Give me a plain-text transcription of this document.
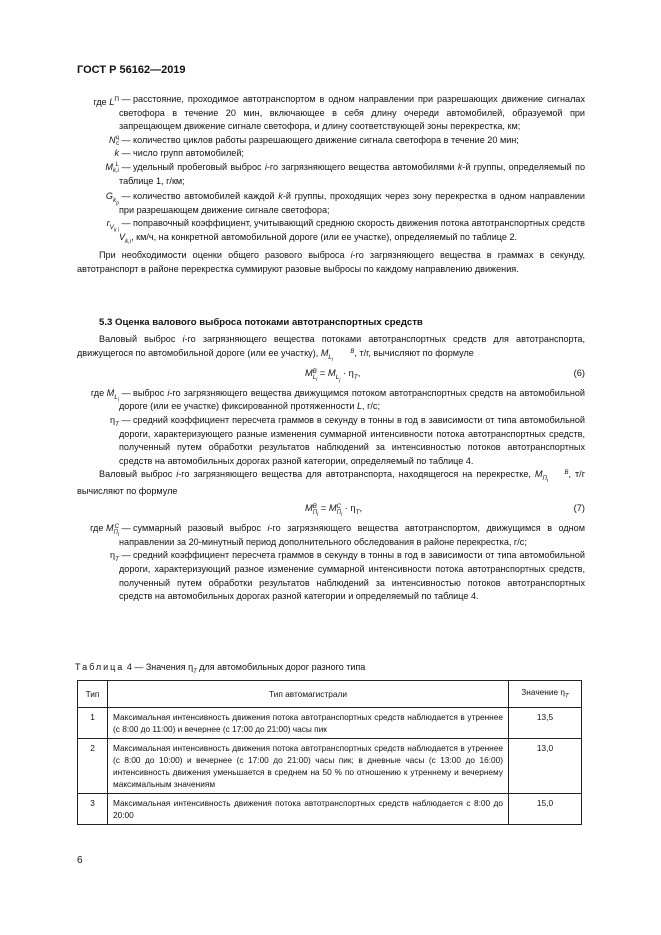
ГОСТ Р 56162—2019
где $L^П$ — расстояние, проходимое автотранспортом в одном направлении при разрешающих движение сигналах светофора в течение 20 мин, включающее в себя длину очереди автомобилей, образуемой при запрещающем движение сигнале светофора, и длину соответствующей зоны перекрестка, км;
Nц
с — количество циклов работы разрешающего движение сигнала светофора в течение 20 мин;
k — число групп автомобилей;
M L
k,i — удельный пробеговый выброс i-го загрязняющего вещества автомобилями k-й группы, определяемый по таблице 1, г/км;
$G_{k_p}$
— количество автомобилей каждой k-й группы, проходящих через зону перекрестка в одном направлении при разрешающем движение сигнале светофора;
$r_{V_{k i}}$
— поправочный коэффициент, учитывающий среднюю скорость движения потока автотранспортных средств $V_{k,i}$, км/ч, на конкретной автомобильной дороге (или ее участке), определяемый по таблице 2.
При необходимости оценки общего разового выброса i-го загрязняющего вещества в граммах в секунду, автотранспорт в районе перекрестка суммируют разовые выбросы по каждому направлению движения.
5.3 Оценка валового выброса потоками автотранспортных средств
Валовый выброс i-го загрязняющего вещества потоками автотранспортных средств для автотранспорта, движущегося по автомобильной дороге (или ее участку), M	В
$L_i$, т/г, вычисляют по формуле
MВ
$L_i = M_{L_j} \cdot \eta_T$,	(6)
где $M_{L_i}$
— выброс i-го загрязняющего вещества движущимся потоком автотранспортных средств на автомобильной дороге (или ее участке) фиксированной протяженности L, г/с;
$\eta_T$ — средний коэффициент пересчета граммов в секунду в тонны в год в зависимости от типа автомобильной дороги, характеризующего разные изменения суммарной интенсивности потока автотранспортных средств, полученный путем обработки результатов наблюдений за интенсивностью потоков автотранспортных средств на автомобильных дорогах разной категории, определяемый по таблице 4.
Валовый выброс i-го загрязняющего вещества для автотранспорта, находящегося на перекрестке, M	В
$П_i$, т/г вычисляют по формуле
MВ
$П_i$ = MС
$П_i \cdot \eta_T$,	(7)
где MС
$П_i$
— суммарный разовый выброс i-го загрязняющего вещества автотранспортом, движущимся в одном направлении за 20-минутный период дополнительного обследования в районе перекрестка, г/с;
$\eta_T$ — средний коэффициент пересчета граммов в секунду в тонны в год в зависимости от типа автомобильной дороги, характеризующий разное изменение суммарной интенсивности потока автотранспортных средств, полученный путем обработки результатов наблюдений за интенсивностью потоков автотранспортных средств на автомобильных дорогах разной категории и определяемый по таблице 4.
Таблица 4 — Значения $\eta_T$ для автомобильных дорог разного типа
Тип	Тип автомагистрали	Значение $\eta_T$
1	Максимальная интенсивность движения потока автотранспортных средств наблюдается в утреннее (с 8:00 до 11:00) и вечернее (с 17:00 до 21:00) часы пик	13,5
2	Максимальная интенсивность движения потока автотранспортных средств наблюдается в утреннее (с 8:00 до 10:00) и вечернее (с 17:00 до 21:00) часы пик; в дневные часы (с 13:00 до 16:00) интенсивность движения уменьшается в среднем на 50 % по отношению к утреннему и вечернему максимальным значениям	13,0
3	Максимальная интенсивность движения потока автотранспортных средств наблюдается с 8:00 до 20:00	15,0
6
